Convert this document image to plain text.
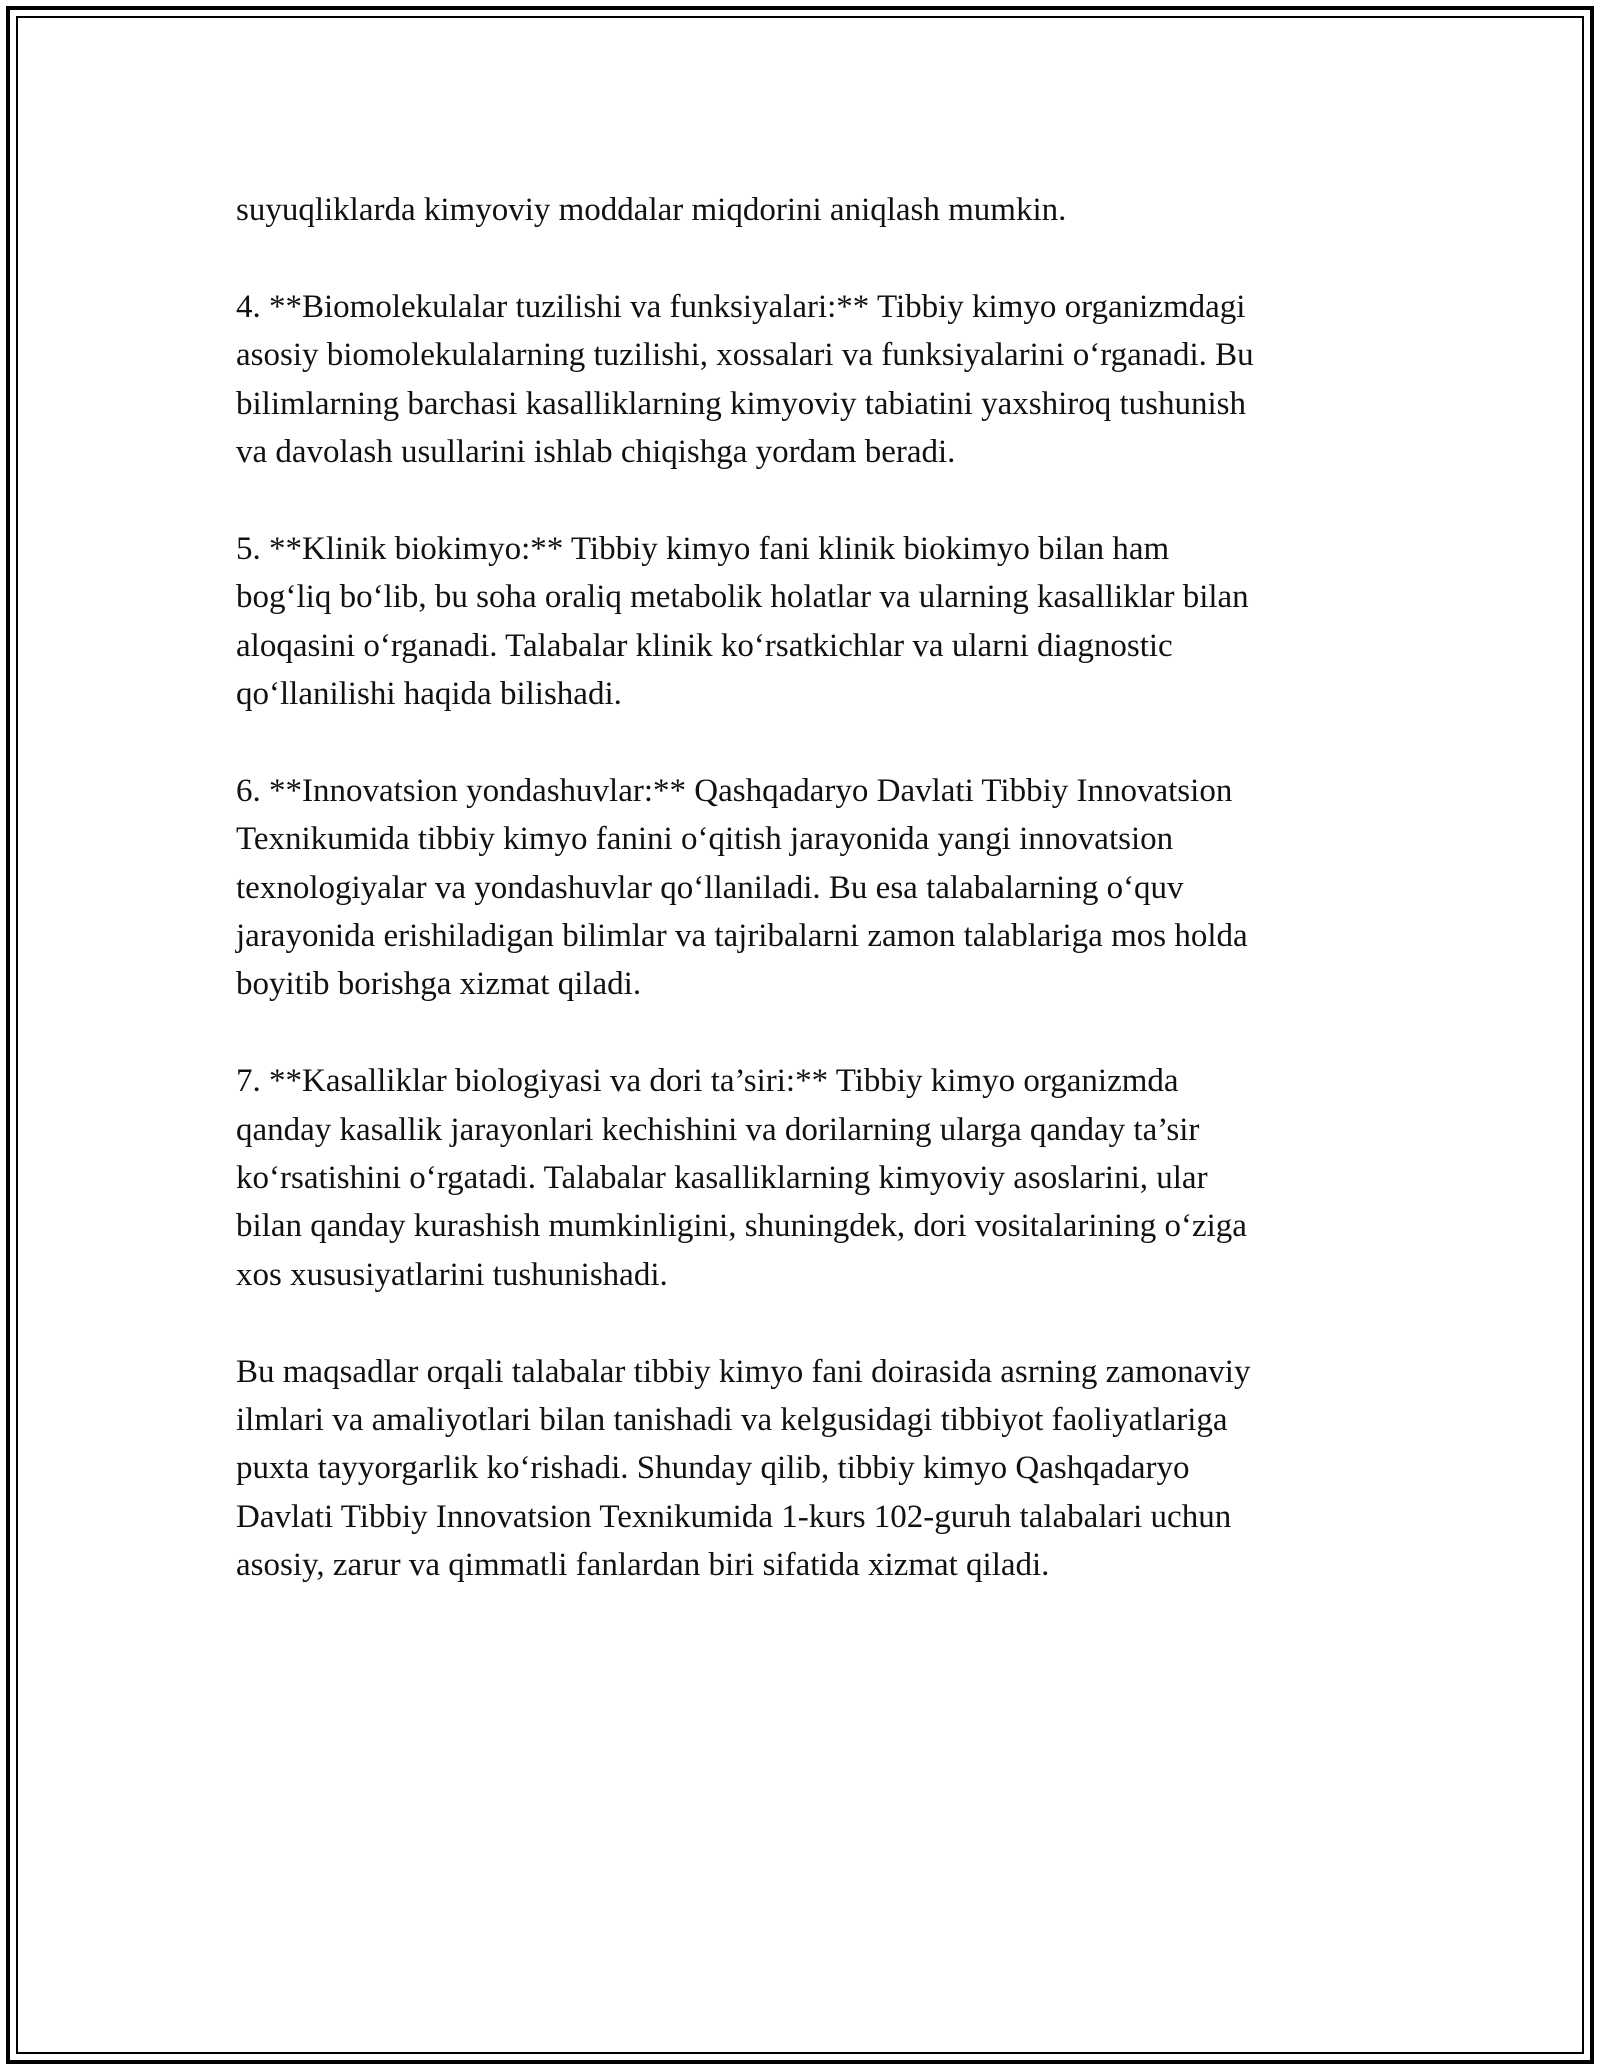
suyuqliklarda kimyoviy moddalar miqdorini aniqlash mumkin.

4. **Biomolekulalar tuzilishi va funksiyalari:** Tibbiy kimyo organizmdagi
asosiy biomolekulalarning tuzilishi, xossalari va funksiyalarini o‘rganadi. Bu
bilimlarning barchasi kasalliklarning kimyoviy tabiatini yaxshiroq tushunish
va davolash usullarini ishlab chiqishga yordam beradi.

5. **Klinik biokimyo:** Tibbiy kimyo fani klinik biokimyo bilan ham
bog‘liq bo‘lib, bu soha oraliq metabolik holatlar va ularning kasalliklar bilan
aloqasini o‘rganadi. Talabalar klinik ko‘rsatkichlar va ularni diagnostic
qo‘llanilishi haqida bilishadi.

6. **Innovatsion yondashuvlar:** Qashqadaryo Davlati Tibbiy Innovatsion
Texnikumida tibbiy kimyo fanini o‘qitish jarayonida yangi innovatsion
texnologiyalar va yondashuvlar qo‘llaniladi. Bu esa talabalarning o‘quv
jarayonida erishiladigan bilimlar va tajribalarni zamon talablariga mos holda
boyitib borishga xizmat qiladi.

7. **Kasalliklar biologiyasi va dori ta’siri:** Tibbiy kimyo organizmda
qanday kasallik jarayonlari kechishini va dorilarning ularga qanday ta’sir
ko‘rsatishini o‘rgatadi. Talabalar kasalliklarning kimyoviy asoslarini, ular
bilan qanday kurashish mumkinligini, shuningdek, dori vositalarining o‘ziga
xos xususiyatlarini tushunishadi.

Bu maqsadlar orqali talabalar tibbiy kimyo fani doirasida asrning zamonaviy
ilmlari va amaliyotlari bilan tanishadi va kelgusidagi tibbiyot faoliyatlariga
puxta tayyorgarlik ko‘rishadi. Shunday qilib, tibbiy kimyo Qashqadaryo
Davlati Tibbiy Innovatsion Texnikumida 1-kurs 102-guruh talabalari uchun
asosiy, zarur va qimmatli fanlardan biri sifatida xizmat qiladi.
